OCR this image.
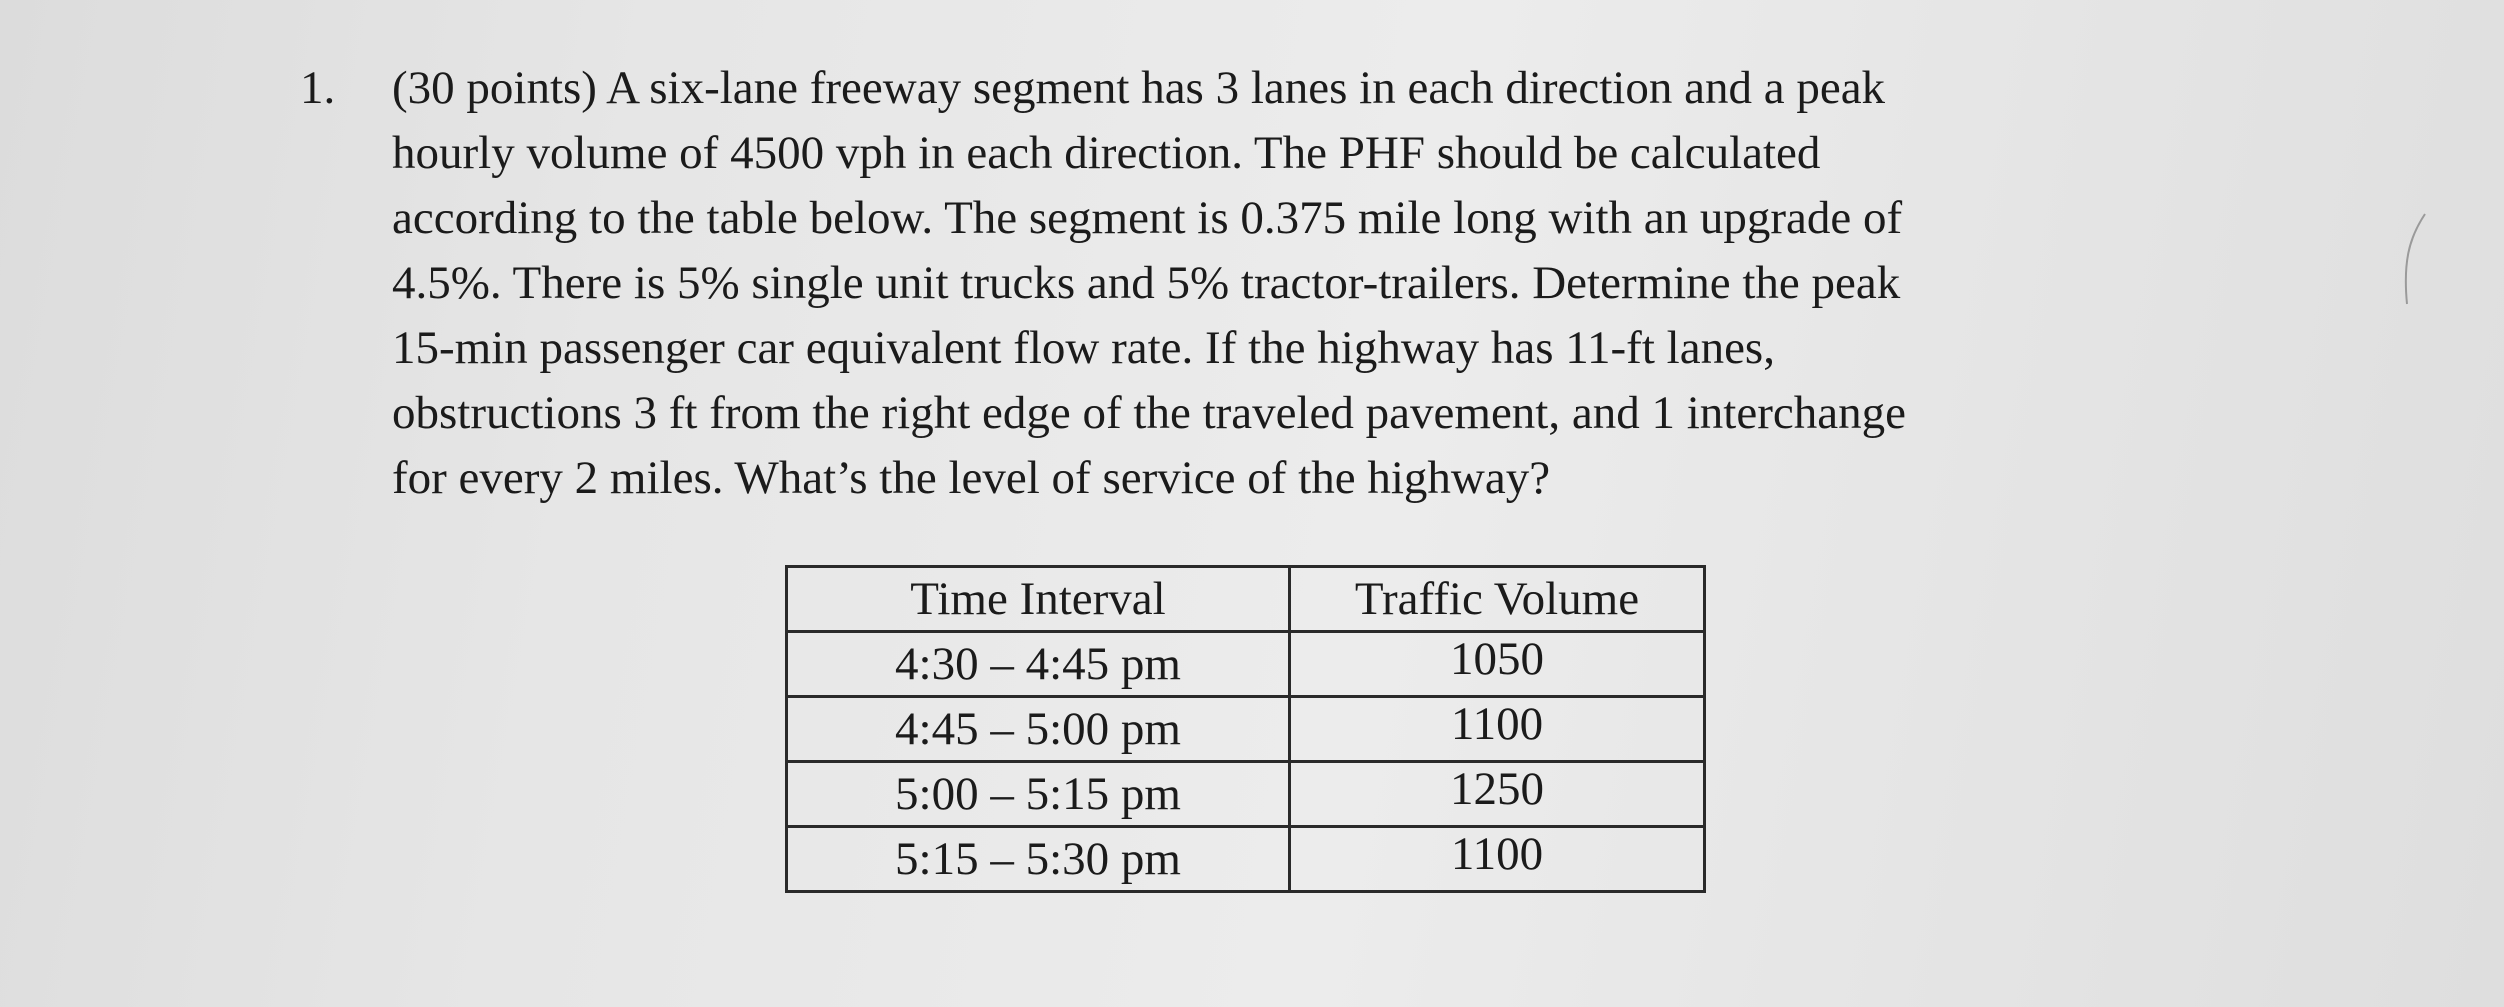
1. (30 points) A six-lane freeway segment has 3 lanes in each direction and a peak
hourly volume of 4500 vph in each direction. The PHF should be calculated
according to the table below. The segment is 0.375 mile long with an upgrade of
4.5%. There is 5% single unit trucks and 5% tractor-trailers. Determine the peak
15-min passenger car equivalent flow rate. If the highway has 11-ft lanes,
obstructions 3 ft from the right edge of the traveled pavement, and 1 interchange
for every 2 miles. What’s the level of service of the highway?
Time Interval	Traffic Volume
4:30 – 4:45 pm	1050
4:45 – 5:00 pm	1100
5:00 – 5:15 pm	1250
5:15 – 5:30 pm	1100
